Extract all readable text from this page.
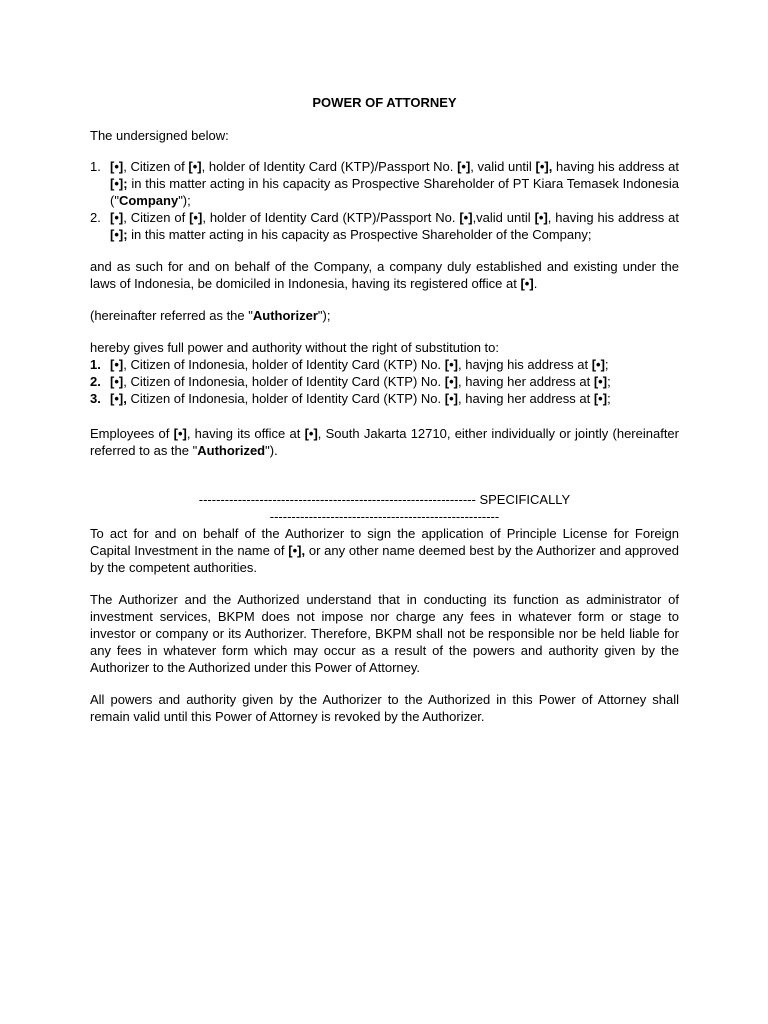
POWER OF ATTORNEY

The undersigned below:

1. [•], Citizen of [•], holder of Identity Card (KTP)/Passport No. [•], valid until [•], having his address at [•]; in this matter acting in his capacity as Prospective Shareholder of PT Kiara Temasek Indonesia ("Company");
2. [•], Citizen of [•], holder of Identity Card (KTP)/Passport No. [•],valid until [•], having his address at [•]; in this matter acting in his capacity as Prospective Shareholder of the Company;

and as such for and on behalf of the Company, a company duly established and existing under the laws of Indonesia, be domiciled in Indonesia, having its registered office at [•].

(hereinafter referred as the "Authorizer");

hereby gives full power and authority without the right of substitution to:

1. [•], Citizen of Indonesia, holder of Identity Card (KTP) No. [•], havjng his address at [•];
2. [•], Citizen of Indonesia, holder of Identity Card (KTP) No. [•], having her address at [•];
3. [•], Citizen of Indonesia, holder of Identity Card (KTP) No. [•], having her address at [•];

Employees of [•], having its office at [•], South Jakarta 12710, either individually or jointly (hereinafter referred to as the "Authorized").

---------------------------------------------------------------- SPECIFICALLY

-----------------------------------------------------

To act for and on behalf of the Authorizer to sign the application of Principle License for Foreign Capital Investment in the name of [•], or any other name deemed best by the Authorizer and approved by the competent authorities.

The Authorizer and the Authorized understand that in conducting its function as administrator of investment services, BKPM does not impose nor charge any fees in whatever form or stage to investor or company or its Authorizer. Therefore, BKPM shall not be responsible nor be held liable for any fees in whatever form which may occur as a result of the powers and authority given by the Authorizer to the Authorized under this Power of Attorney.

All powers and authority given by the Authorizer to the Authorized in this Power of Attorney shall remain valid until this Power of Attorney is revoked by the Authorizer.
